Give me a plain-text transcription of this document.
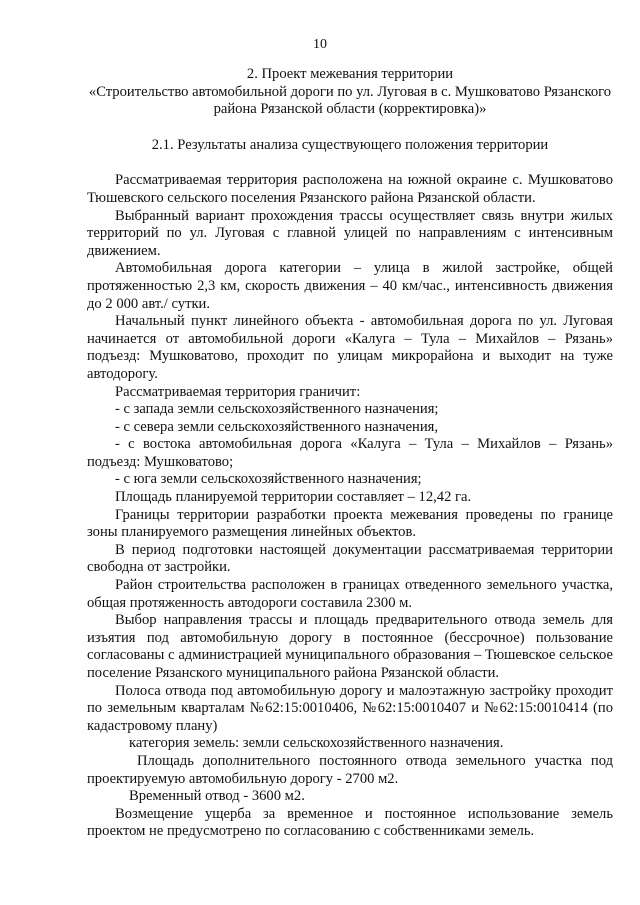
10

2. Проект межевания территории

«Строительство автомобильной дороги по ул. Луговая в с. Мушковатово Рязанского района Рязанской области (корректировка)»

2.1. Результаты анализа существующего положения территории

Рассматриваемая территория расположена на южной окраине с. Мушковатово Тюшевского сельского поселения Рязанского района Рязанской области.

Выбранный вариант прохождения трассы осуществляет связь внутри жилых территорий по ул. Луговая с главной улицей по направлениям с интенсивным движением.

Автомобильная дорога категории – улица в жилой застройке, общей протяженностью 2,3 км, скорость движения – 40 км/час., интенсивность движения до 2 000 авт./ сутки.

Начальный пункт линейного объекта - автомобильная дорога по ул. Луговая начинается от автомобильной дороги «Калуга – Тула – Михайлов – Рязань» подъезд: Мушковатово, проходит по улицам микрорайона и выходит на туже автодорогу.

Рассматриваемая территория граничит:

- с запада земли сельскохозяйственного назначения;

- с севера земли сельскохозяйственного назначения,

- с востока автомобильная дорога «Калуга – Тула – Михайлов – Рязань» подъезд: Мушковатово;

- с юга земли сельскохозяйственного назначения;

Площадь планируемой территории составляет – 12,42 га.

Границы территории разработки проекта межевания проведены по границе зоны планируемого размещения линейных объектов.

В период подготовки настоящей документации рассматриваемая территории свободна от застройки.

Район строительства расположен в границах отведенного земельного участка, общая протяженность автодороги составила 2300 м.

Выбор направления трассы и площадь предварительного отвода земель для изъятия под автомобильную дорогу в постоянное (бессрочное) пользование согласованы с администрацией муниципального образования – Тюшевское сельское поселение Рязанского муниципального района Рязанской области.

Полоса отвода под автомобильную дорогу и малоэтажную застройку проходит по земельным кварталам №62:15:0010406, №62:15:0010407 и №62:15:0010414 (по кадастровому плану)

категория земель: земли сельскохозяйственного назначения.

Площадь дополнительного постоянного отвода земельного участка под проектируемую автомобильную дорогу - 2700 м2.

Временный отвод - 3600 м2.

Возмещение ущерба за временное и постоянное использование земель проектом не предусмотрено по согласованию с собственниками земель.
